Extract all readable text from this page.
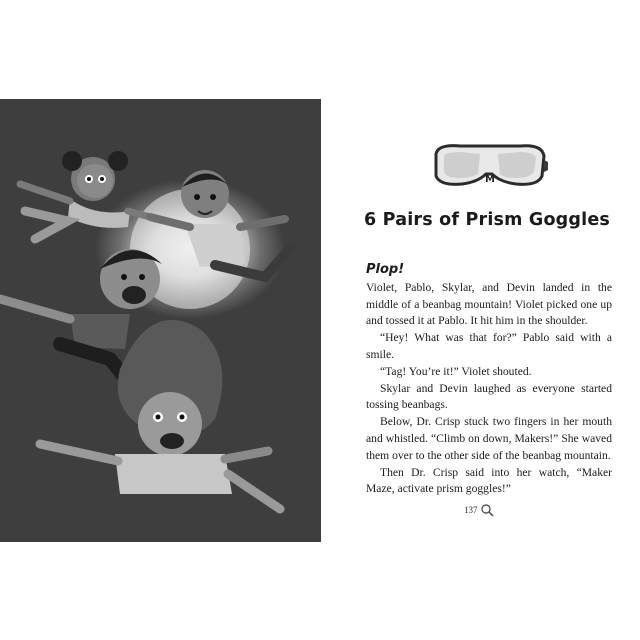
M
6 Pairs of Prism Goggles
Plop!

Violet, Pablo, Skylar, and Devin landed in the middle of a beanbag mountain! Violet picked one up and tossed it at Pablo. It hit him in the shoulder.

“Hey! What was that for?” Pablo said with a smile.

“Tag! You’re it!” Violet shouted.

Skylar and Devin laughed as everyone started tossing beanbags.

Below, Dr. Crisp stuck two fingers in her mouth and whistled. “Climb on down, Makers!” She waved them over to the other side of the beanbag mountain.

Then Dr. Crisp said into her watch, “Maker Maze, activate prism goggles!”

137
